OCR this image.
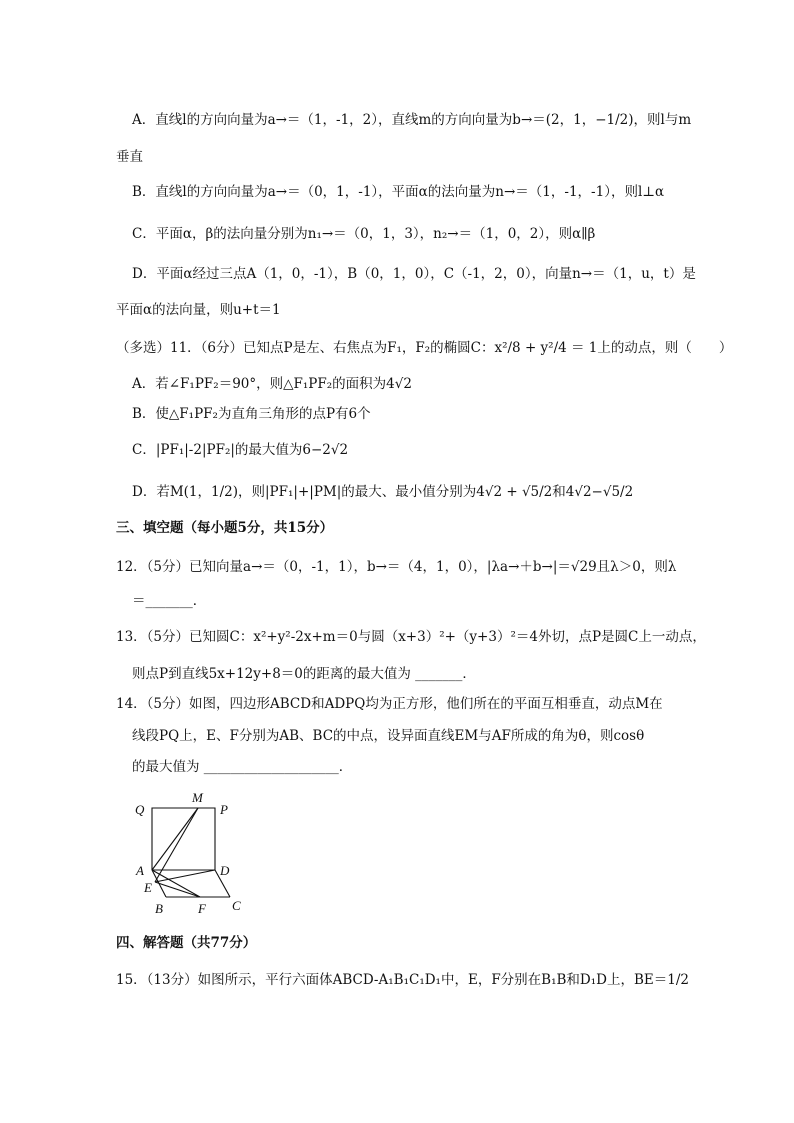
A．直线l的方向向量为a→＝（1，-1，2），直线m的方向向量为b→＝(2，1，−1/2)，则l与m
垂直
B．直线l的方向向量为a→＝（0，1，-1），平面α的法向量为n→＝（1，-1，-1），则l⊥α
C．平面α，β的法向量分别为n₁→＝（0，1，3），n₂→＝（1，0，2），则α∥β
D．平面α经过三点A（1，0，-1），B（0，1，0），C（-1，2，0），向量n→＝（1，u，t）是
平面α的法向量，则u+t＝1
（多选）11．（6分）已知点P是左、右焦点为F₁，F₂的椭圆C：x²/8 + y²/4 ＝ 1上的动点，则（　　）
A．若∠F₁PF₂＝90°，则△F₁PF₂的面积为4√2
B．使△F₁PF₂为直角三角形的点P有6个
C．|PF₁|-2|PF₂|的最大值为6−2√2
D．若M(1，1/2)，则|PF₁|+|PM|的最大、最小值分别为4√2 + √5/2和4√2−√5/2
三、填空题（每小题5分，共15分）
12．（5分）已知向量a→＝（0，-1，1），b→＝（4，1，0），|λa→＋b→|＝√29且λ＞0，则λ
＝_______．
13．（5分）已知圆C：x²+y²-2x+m＝0与圆（x+3）²+（y+3）²＝4外切，点P是圆C上一动点，
则点P到直线5x+12y+8＝0的距离的最大值为 _______．
14．（5分）如图，四边形ABCD和ADPQ均为正方形，他们所在的平面互相垂直，动点M在
线段PQ上，E、F分别为AB、BC的中点，设异面直线EM与AF所成的角为θ，则cosθ
的最大值为 ____________________．
Q
M
P
A	D
E
B	F C
四、解答题（共77分）
15．（13分）如图所示，平行六面体ABCD-A₁B₁C₁D₁中，E，F分别在B₁B和D₁D上，BE＝1/2
